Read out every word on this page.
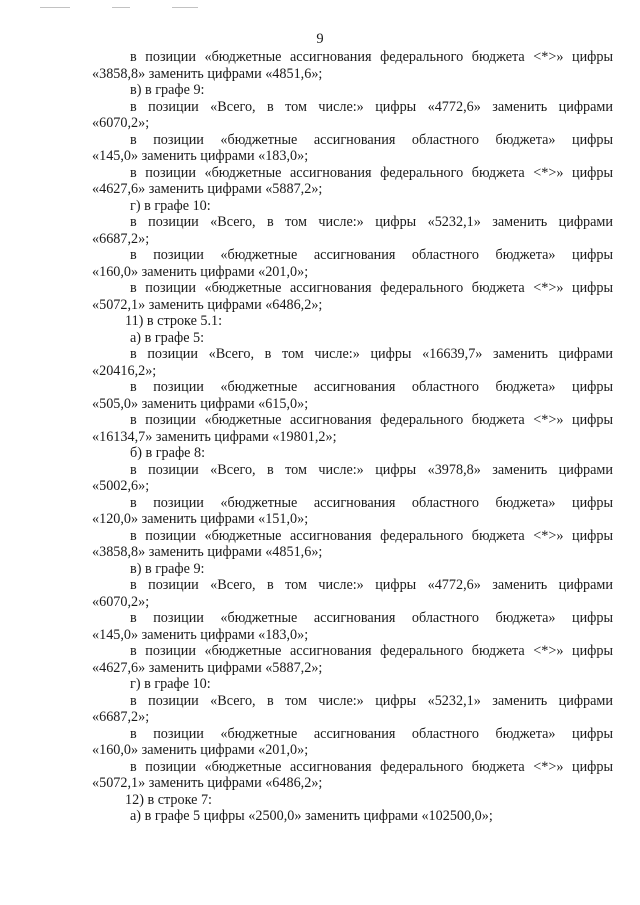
9
в позиции «бюджетные ассигнования федерального бюджета <*>» цифры
«3858,8» заменить цифрами «4851,6»;
в) в графе 9:
в позиции «Всего, в том числе:» цифры «4772,6» заменить цифрами
«6070,2»;
в позиции «бюджетные ассигнования областного бюджета» цифры
«145,0» заменить цифрами «183,0»;
в позиции «бюджетные ассигнования федерального бюджета <*>» цифры
«4627,6» заменить цифрами «5887,2»;
г) в графе 10:
в позиции «Всего, в том числе:» цифры «5232,1» заменить цифрами
«6687,2»;
в позиции «бюджетные ассигнования областного бюджета» цифры
«160,0» заменить цифрами «201,0»;
в позиции «бюджетные ассигнования федерального бюджета <*>» цифры
«5072,1» заменить цифрами «6486,2»;
11) в строке 5.1:
а) в графе 5:
в позиции «Всего, в том числе:» цифры «16639,7» заменить цифрами
«20416,2»;
в позиции «бюджетные ассигнования областного бюджета» цифры
«505,0» заменить цифрами «615,0»;
в позиции «бюджетные ассигнования федерального бюджета <*>» цифры
«16134,7» заменить цифрами «19801,2»;
б) в графе 8:
в позиции «Всего, в том числе:» цифры «3978,8» заменить цифрами
«5002,6»;
в позиции «бюджетные ассигнования областного бюджета» цифры
«120,0» заменить цифрами «151,0»;
в позиции «бюджетные ассигнования федерального бюджета <*>» цифры
«3858,8» заменить цифрами «4851,6»;
в) в графе 9:
в позиции «Всего, в том числе:» цифры «4772,6» заменить цифрами
«6070,2»;
в позиции «бюджетные ассигнования областного бюджета» цифры
«145,0» заменить цифрами «183,0»;
в позиции «бюджетные ассигнования федерального бюджета <*>» цифры
«4627,6» заменить цифрами «5887,2»;
г) в графе 10:
в позиции «Всего, в том числе:» цифры «5232,1» заменить цифрами
«6687,2»;
в позиции «бюджетные ассигнования областного бюджета» цифры
«160,0» заменить цифрами «201,0»;
в позиции «бюджетные ассигнования федерального бюджета <*>» цифры
«5072,1» заменить цифрами «6486,2»;
12) в строке 7:
а) в графе 5 цифры «2500,0» заменить цифрами «102500,0»;
